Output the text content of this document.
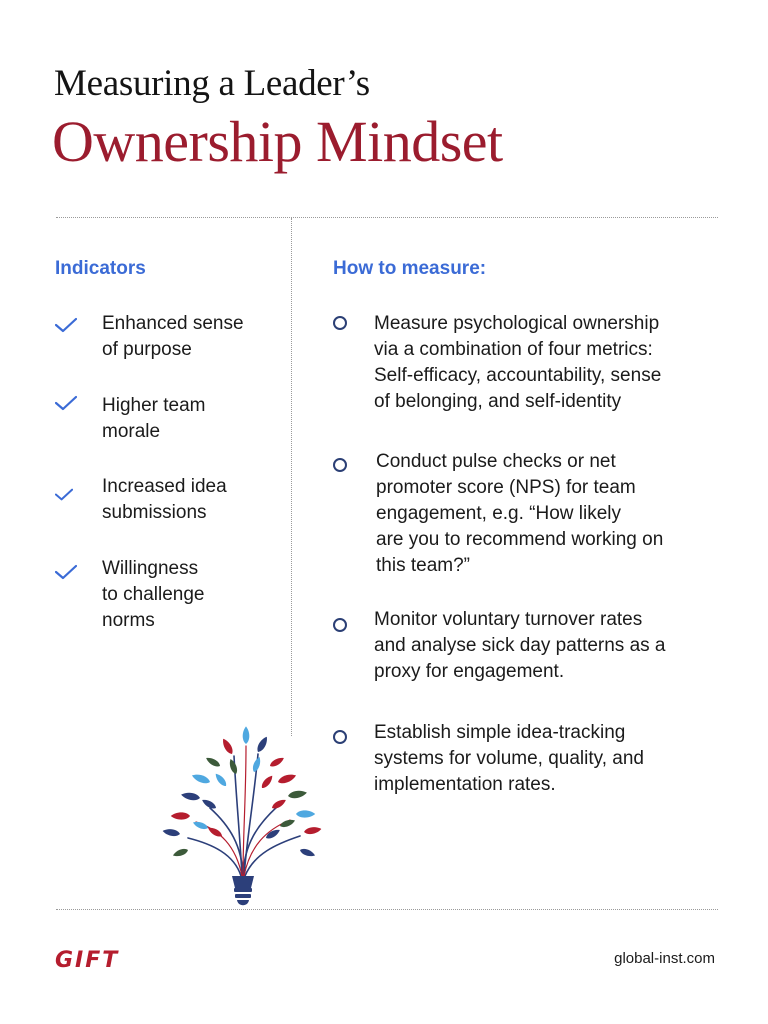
Measuring a Leader’s
Ownership Mindset
Indicators	How to measure:
Enhanced sense
of purpose
Higher team
morale
Increased idea
submissions
Willingness
to challenge
norms
Measure psychological ownership
via a combination of four metrics:
Self-efficacy, accountability, sense
of belonging, and self-identity
Conduct pulse checks or net
promoter score (NPS) for team
engagement, e.g. “How likely
are you to recommend working on
this team?”
Monitor voluntary turnover rates
and analyse sick day patterns as a
proxy for engagement.
Establish simple idea-tracking
systems for volume, quality, and
implementation rates.
GIFT	global-inst.com
